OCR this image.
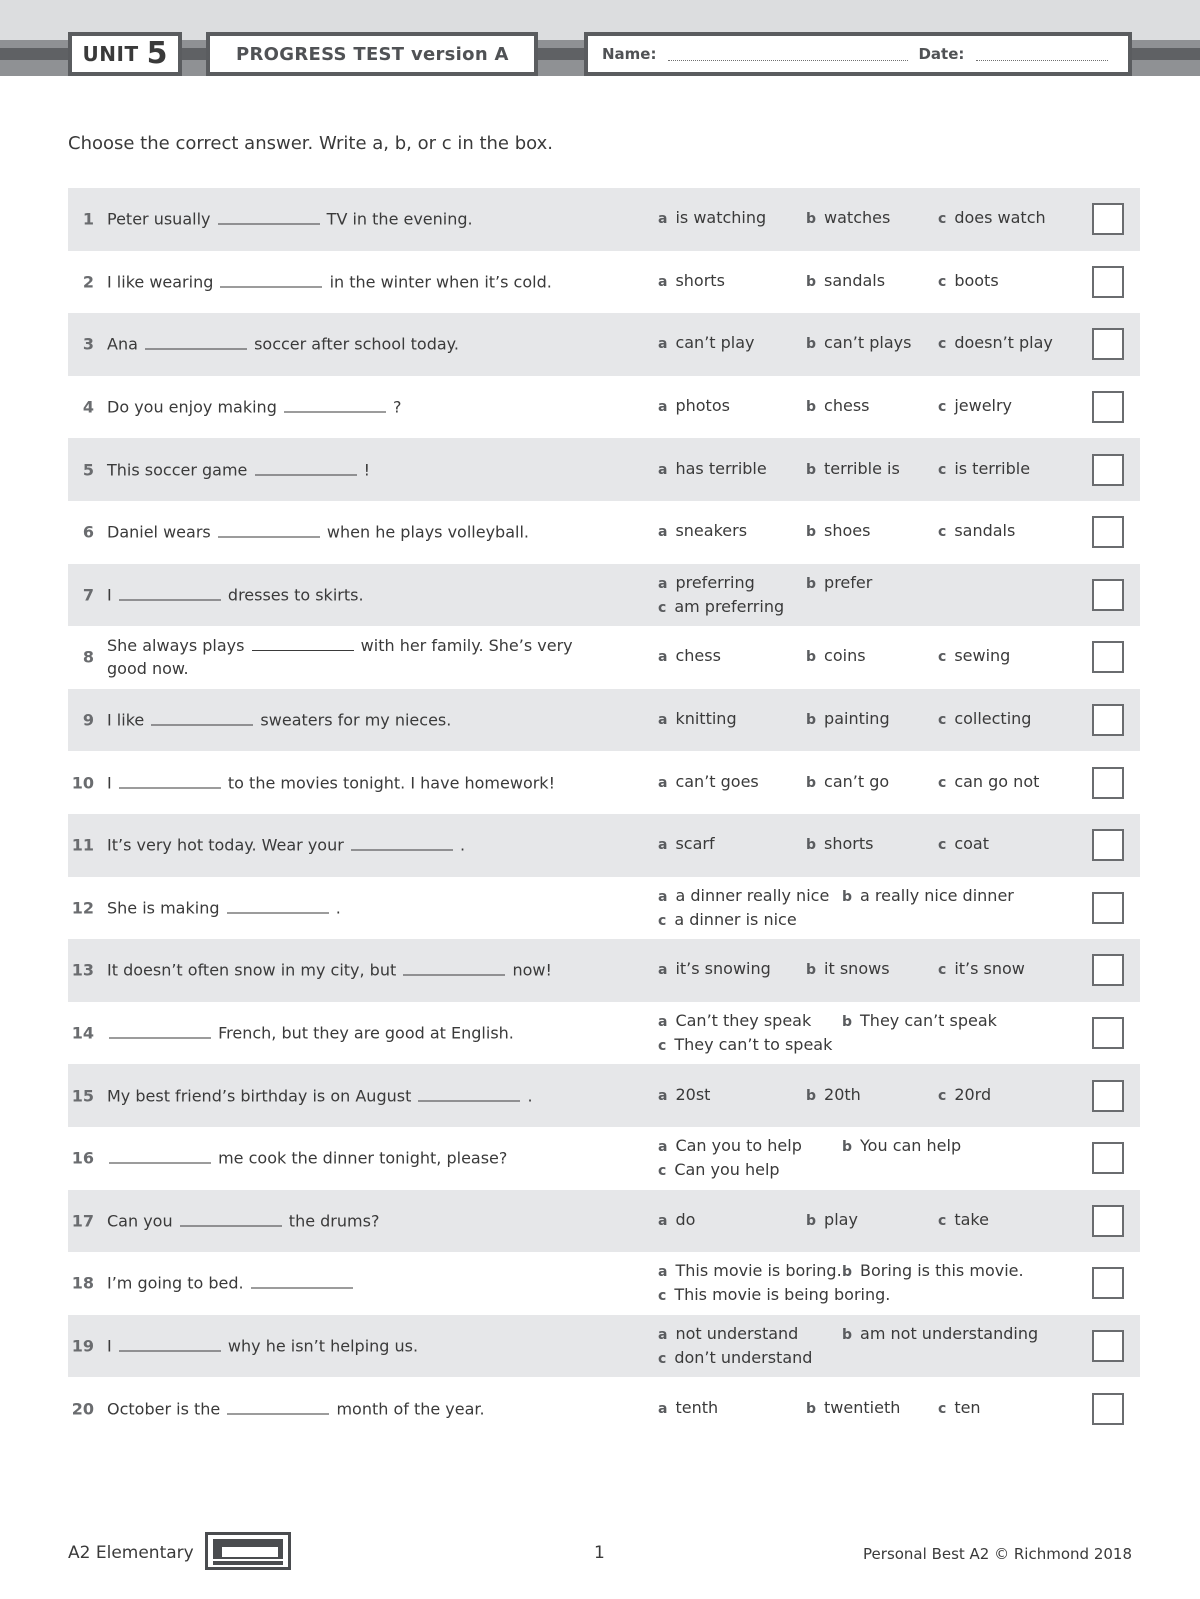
UNIT 5	PROGRESS TEST version A	Name:	Date:
Choose the correct answer. Write a, b, or c in the box.
1 Peter usually	TV in the evening.	a is watching	b watches	c does watch
2 I like wearing	in the winter when it’s cold.	a shorts	b sandals	c boots
3 Ana	soccer after school today.	a can’t play	b can’t plays c doesn’t play
4 Do you enjoy making	?	a photos	b chess	c jewelry
5 This soccer game	!	a has terrible	b terrible is	c is terrible
6 Daniel wears	when he plays volleyball.	a sneakers	b shoes	c sandals
7 I	dresses to skirts.
a preferring	b prefer
c am preferring
8
She always plays	with her family. She’s very good now.
a chess	b coins	c sewing
9 I like	sweaters for my nieces.	a knitting	b painting	c collecting
10 I	to the movies tonight. I have homework!	a can’t goes	b can’t go	c can go not
11 It’s very hot today. Wear your	.	a scarf	b shorts	c coat
12 She is making	.
a a dinner really nice b a really nice dinner
c a dinner is nice
13 It doesn’t often snow in my city, but	now!	a it’s snowing	b it snows	c it’s snow
14	French, but they are good at English.
a Can’t they speak b They can’t speak
c They can’t to speak
15 My best friend’s birthday is on August	.	a 20st	b 20th	c 20rd
16	me cook the dinner tonight, please?
a Can you to help	b You can help
c Can you help
17 Can you	the drums?	a do	b play	c take
18 I’m going to bed.
a This movie is boring. b Boring is this movie.
c This movie is being boring.
19 I	why he isn’t helping us.
a not understand	b am not understanding
c don’t understand
20 October is the	month of the year.	a tenth	b twentieth	c ten
A2 Elementary	1	Personal Best A2 © Richmond 2018
